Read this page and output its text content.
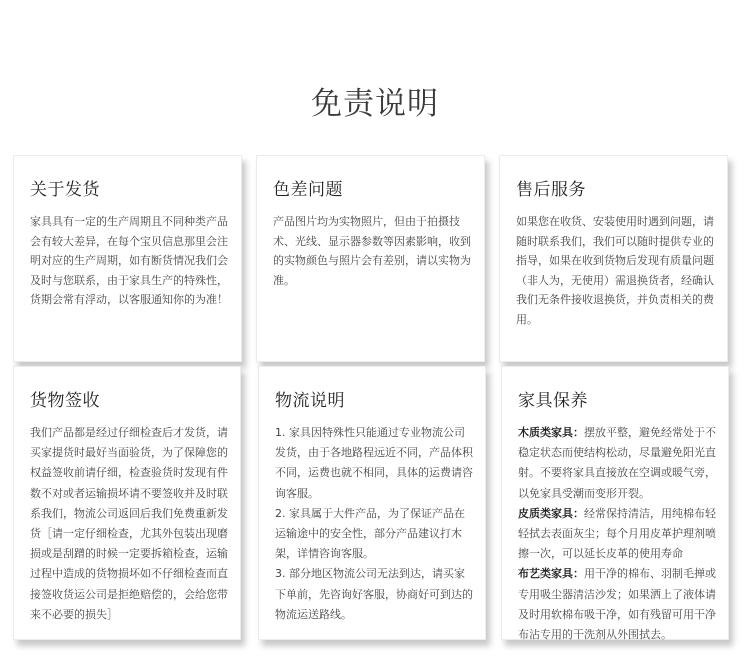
免责说明
关于发货
家具具有一定的生产周期且不同种类产品会有较大差异，在每个宝贝信息那里会注明对应的生产周期，如有断货情况我们会及时与您联系，由于家具生产的特殊性，货期会常有浮动，以客服通知你的为准！
色差问题
产品图片均为实物照片，但由于拍摄技术、光线、显示器参数等因素影响，收到的实物颜色与照片会有差别，请以实物为准。
售后服务
如果您在收货、安装使用时遇到问题，请随时联系我们，我们可以随时提供专业的指导，如果在收到货物后发现有质量问题（非人为，无使用）需退换货者，经确认我们无条件接收退换货，并负责相关的费用。
货物签收
我们产品都是经过仔细检查后才发货，请买家提货时最好当面验货，为了保障您的权益签收前请仔细，检查验货时发现有件数不对或者运输损坏请不要签收并及时联系我们，物流公司返回后我们免费重新发货［请一定仔细检查，尤其外包装出现磨损或是刮蹭的时候一定要拆箱检查，运输过程中造成的货物损坏如不仔细检查而直接签收货运公司是拒绝赔偿的，会给您带来不必要的损失］
物流说明

1. 家具因特殊性只能通过专业物流公司发货，由于各地路程远近不同，产品体积不同，运费也就不相同，具体的运费请咨询客服。

2. 家具属于大件产品，为了保证产品在运输途中的安全性，部分产品建议打木架，详情咨询客服。

3. 部分地区物流公司无法到达，请买家下单前，先咨询好客服，协商好可到达的物流运送路线。

家具保养

木质类家具：摆放平整，避免经常处于不稳定状态而使结构松动，尽量避免阳光直射。不要将家具直接放在空调或暖气旁，以免家具受潮而变形开裂。

皮质类家具：经常保持清洁，用纯棉布轻轻拭去表面灰尘；每个月用皮革护理剂喷擦一次，可以延长皮革的使用寿命

布艺类家具：用干净的棉布、羽制毛掸或专用吸尘器清洁沙发；如果洒上了液体请及时用软棉布吸干净，如有残留可用干净布沾专用的干洗剂从外围拭去。
